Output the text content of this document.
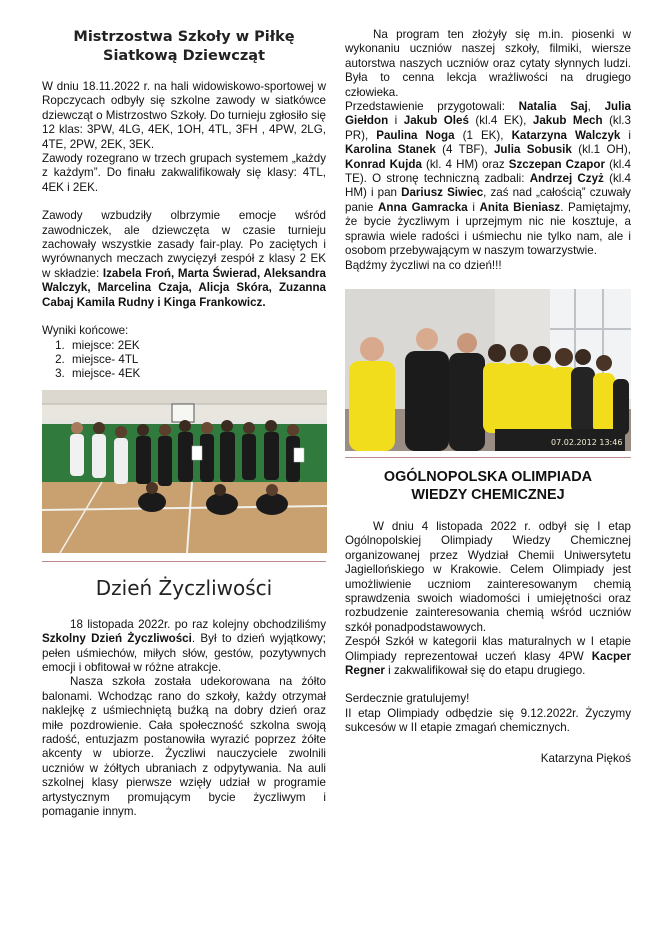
Mistrzostwa Szkoły w Piłkę
Siatkową Dziewcząt

W dniu 18.11.2022 r. na hali widowiskowo-sportowej w Ropczycach odbyły się szkolne zawody w siatkówce dziewcząt o Mistrzostwo Szkoły. Do turnieju zgłosiło się 12 klas: 3PW, 4LG, 4EK, 1OH, 4TL, 3FH , 4PW, 2LG, 4TE, 2PW, 2EK, 3EK.

Zawody rozegrano w trzech grupach systemem „każdy z każdym”. Do finału zakwalifikowały się klasy: 4TL, 4EK i 2EK.

Zawody wzbudziły olbrzymie emocje wśród zawodniczek, ale dziewczęta w czasie turnieju zachowały wszystkie zasady fair-play. Po zaciętych i wyrównanych meczach zwycięzył zespół z klasy 2 EK w składzie: Izabela Froń, Marta Świerad, Aleksandra Walczyk, Marcelina Czaja, Alicja Skóra, Zuzanna Cabaj Kamila Rudny i Kinga Frankowicz.

Wyniki końcowe:

1. miejsce: 2EK
2. miejsce- 4TL
3. miejsce- 4EK
Dzień Życzliwości

18 listopada 2022r. po raz kolejny obchodziliśmy Szkolny Dzień Życzliwości. Był to dzień wyjątkowy; pełen uśmiechów, miłych słów, gestów, pozytywnych emocji i obfitował w różne atrakcje.

Nasza szkoła została udekorowana na żółto balonami. Wchodząc rano do szkoły, każdy otrzymał naklejkę z uśmiechniętą buźką na dobry dzień oraz miłe pozdrowienie. Cała społeczność szkolna swoją radość, entuzjazm postanowiła wyrazić poprzez żółte akcenty w ubiorze. Życzliwi nauczyciele zwolnili uczniów w żółtych ubraniach z odpytywania. Na auli szkolnej klasy pierwsze wzięły udział w programie artystycznym promującym bycie życzliwym i pomaganie innym.

Na program ten złożyły się m.in. piosenki w wykonaniu uczniów naszej szkoły, filmiki, wiersze autorstwa naszych uczniów oraz cytaty słynnych ludzi. Była to cenna lekcja wrażliwości na drugiego człowieka.

Przedstawienie przygotowali: Natalia Saj, Julia Giełdon i Jakub Oleś (kl.4 EK), Jakub Mech (kl.3 PR), Paulina Noga (1 EK), Katarzyna Walczyk i Karolina Stanek (4 TBF), Julia Sobusik (kl.1 OH), Konrad Kujda (kl. 4 HM) oraz Szczepan Czapor (kl.4 TE). O stronę techniczną zadbali: Andrzej Czyż (kl.4 HM) i pan Dariusz Siwiec, zaś nad „całością” czuwały panie Anna Gamracka i Anita Bieniasz. Pamiętajmy, że bycie życzliwym i uprzejmym nic nie kosztuje, a sprawia wiele radości i uśmiechu nie tylko nam, ale i osobom przebywającym w naszym towarzystwie.

Bądźmy życzliwi na co dzień!!!

07.02.2012 13:46
OGÓLNOPOLSKA OLIMPIADA
WIEDZY CHEMICZNEJ

W dniu 4 listopada 2022 r. odbył się I etap Ogólnopolskiej Olimpiady Wiedzy Chemicznej organizowanej przez Wydział Chemii Uniwersytetu Jagiellońskiego w Krakowie. Celem Olimpiady jest umożliwienie uczniom zainteresowanym chemią sprawdzenia swoich wiadomości i umiejętności oraz rozbudzenie zainteresowania chemią wśród uczniów szkół ponadpodstawowych.

Zespół Szkół w kategorii klas maturalnych w I etapie Olimpiady reprezentował uczeń klasy 4PW Kacper Regner i zakwalifikował się do etapu drugiego.

Serdecznie gratulujemy!

II etap Olimpiady odbędzie się 9.12.2022r. Życzymy sukcesów w II etapie zmagań chemicznych.

Katarzyna Piękoś
